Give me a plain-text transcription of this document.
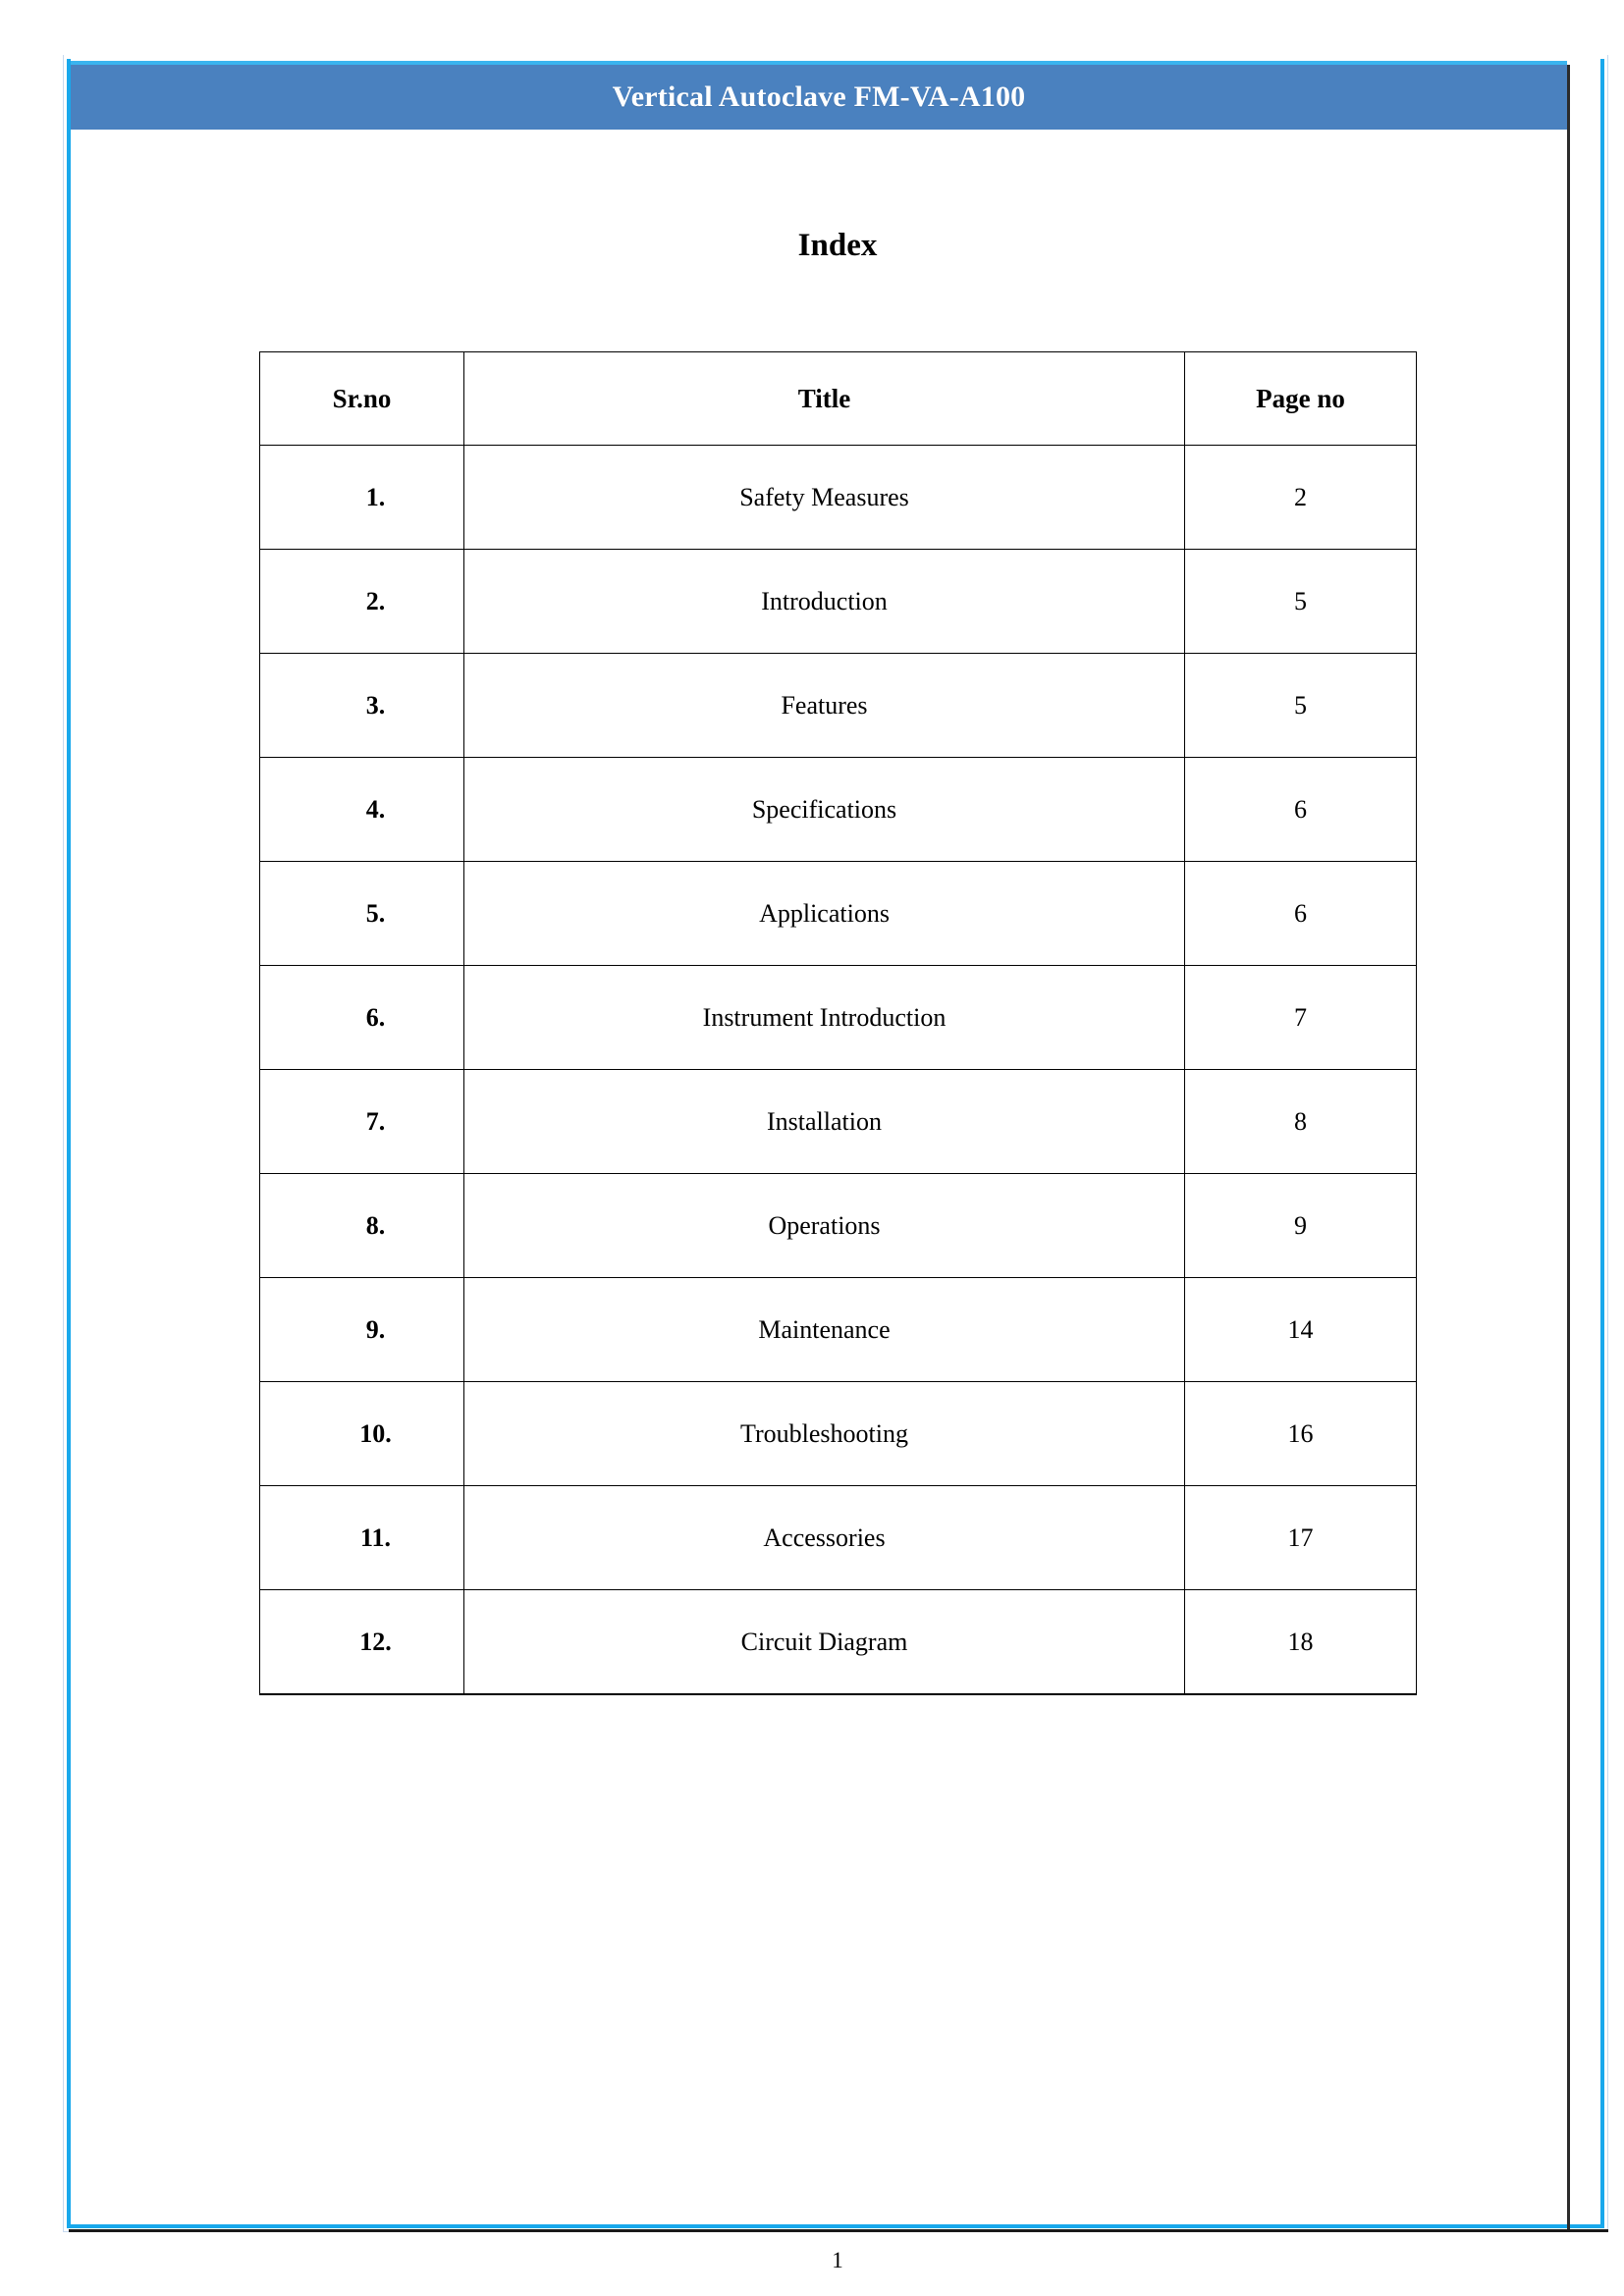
Vertical Autoclave FM-VA-A100
Index
Sr.no	Title	Page no
1.	Safety Measures	2
2.	Introduction	5
3.	Features	5
4.	Specifications	6
5.	Applications	6
6.	Instrument Introduction	7
7.	Installation	8
8.	Operations	9
9.	Maintenance	14
10.	Troubleshooting	16
11.	Accessories	17
12.	Circuit Diagram	18
1
